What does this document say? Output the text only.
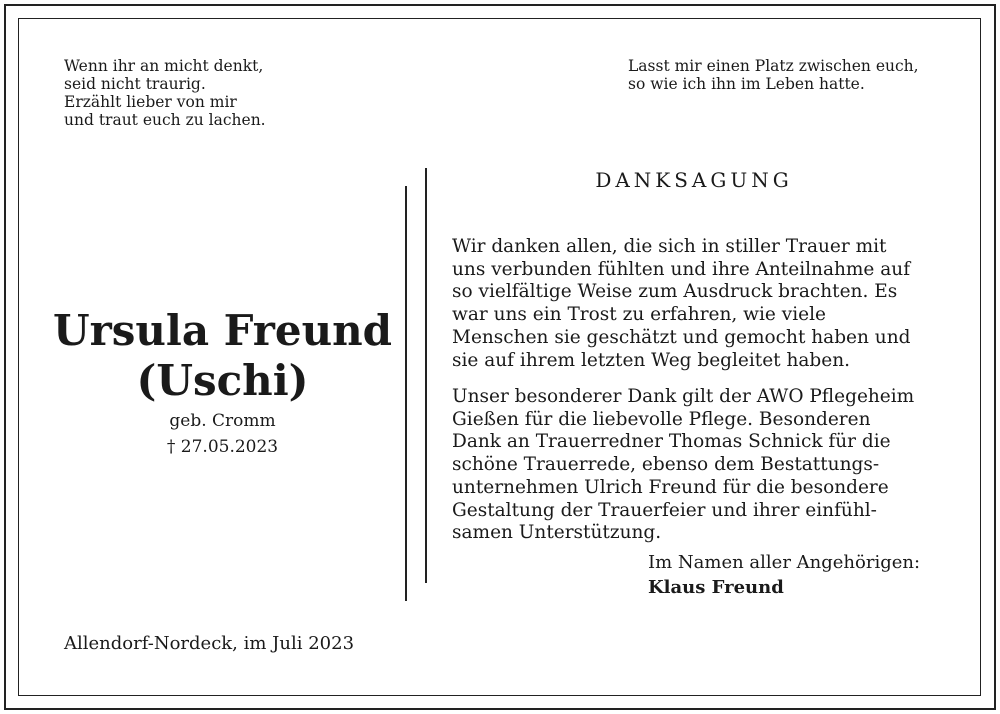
Wenn ihr an micht denkt,
seid nicht traurig.
Erzählt lieber von mir
und traut euch zu lachen.
Lasst mir einen Platz zwischen euch,
so wie ich ihn im Leben hatte.
Ursula Freund
(Uschi)
geb. Cromm
† 27.05.2023
DANKSAGUNG
Wir danken allen, die sich in stiller Trauer mit
uns verbunden fühlten und ihre Anteilnahme auf
so vielfältige Weise zum Ausdruck brachten. Es
war uns ein Trost zu erfahren, wie viele
Menschen sie geschätzt und gemocht haben und
sie auf ihrem letzten Weg begleitet haben.
Unser besonderer Dank gilt der AWO Pflegeheim
Gießen für die liebevolle Pflege. Besonderen
Dank an Trauerredner Thomas Schnick für die
schöne Trauerrede, ebenso dem Bestattungs-
unternehmen Ulrich Freund für die besondere
Gestaltung der Trauerfeier und ihrer einfühl-
samen Unterstützung.
Im Namen aller Angehörigen:
Klaus Freund
Allendorf-Nordeck, im Juli 2023
